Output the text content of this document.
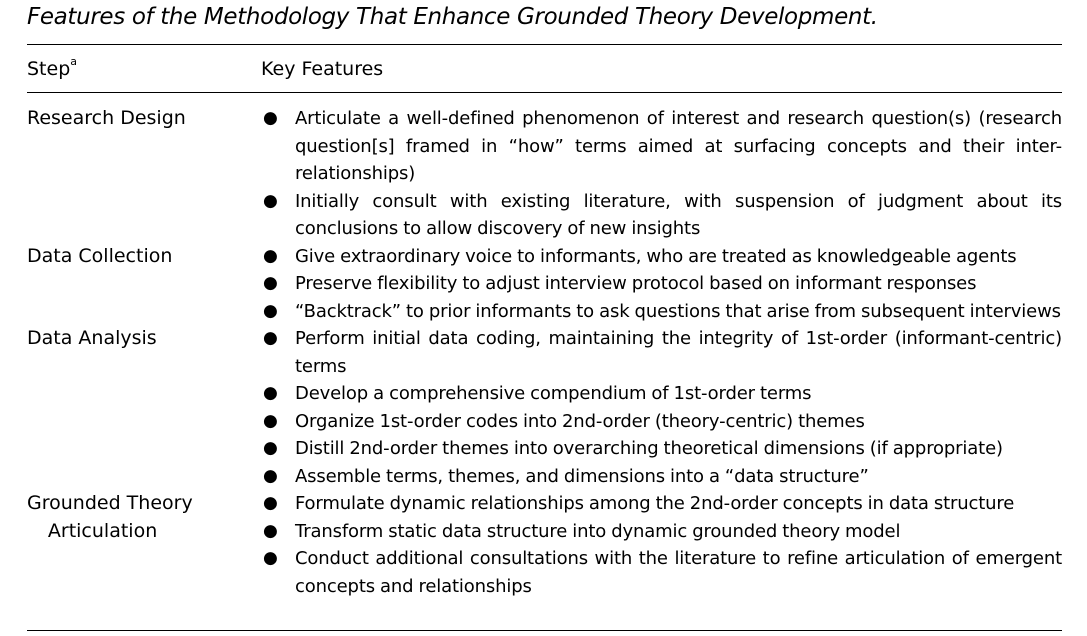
Features of the Methodology That Enhance Grounded Theory Development.
Step$^a$	Key Features
Research Design	● Articulate a well-defined phenomenon of interest and research question(s) (research question[s] framed in “how” terms aimed at surfacing concepts and their inter-relationships)
● Initially consult with existing literature, with suspension of judgment about its conclusions to allow discovery of new insights
Data Collection	● Give extraordinary voice to informants, who are treated as knowledgeable agents
● Preserve flexibility to adjust interview protocol based on informant responses
● “Backtrack” to prior informants to ask questions that arise from subsequent interviews
Data Analysis	● Perform initial data coding, maintaining the integrity of 1st-order (informant-centric) terms
● Develop a comprehensive compendium of 1st-order terms
● Organize 1st-order codes into 2nd-order (theory-centric) themes
● Distill 2nd-order themes into overarching theoretical dimensions (if appropriate)
● Assemble terms, themes, and dimensions into a “data structure”
Grounded Theory Articulation
● Formulate dynamic relationships among the 2nd-order concepts in data structure
● Transform static data structure into dynamic grounded theory model
● Conduct additional consultations with the literature to refine articulation of emergent concepts and relationships
